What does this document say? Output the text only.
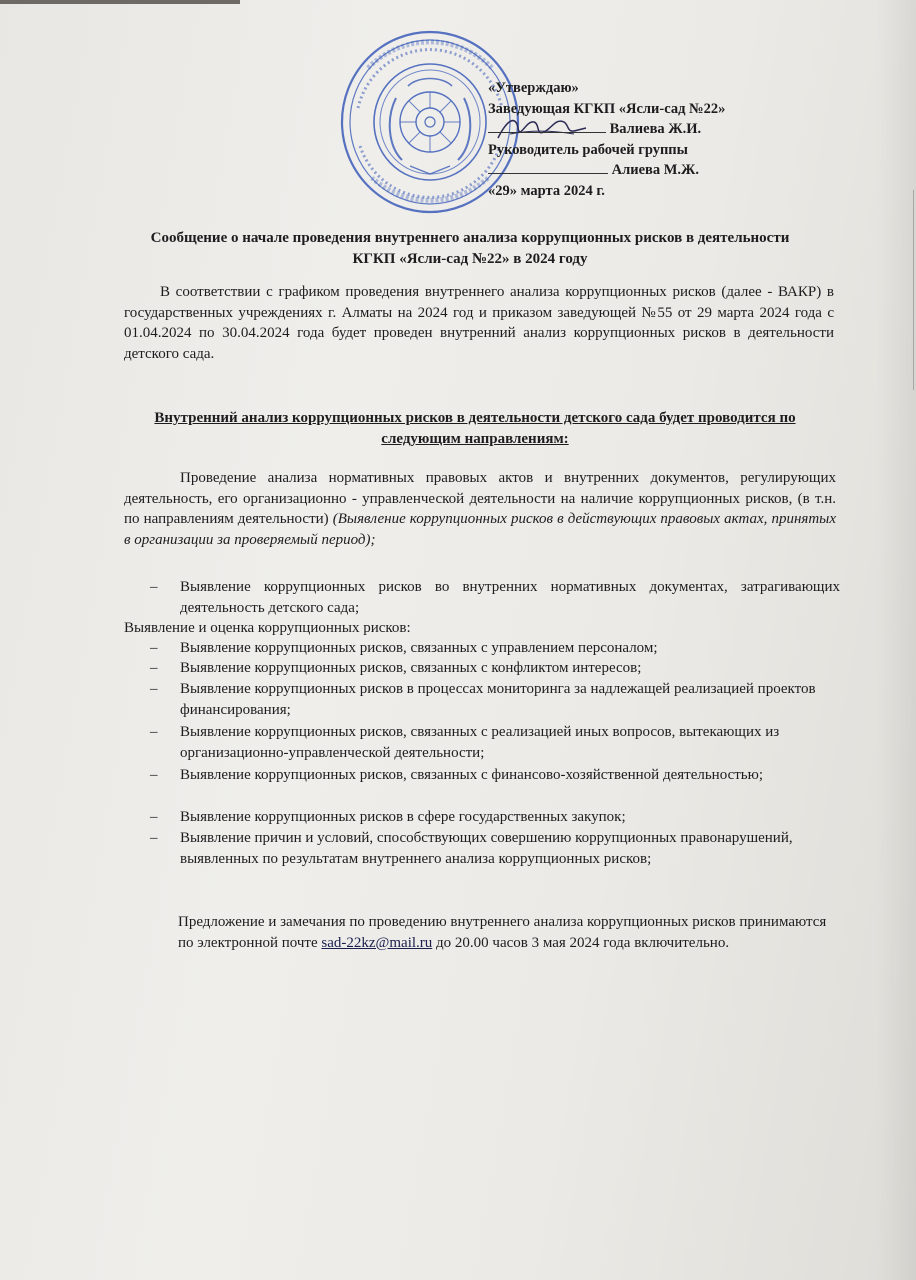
«Утверждаю»
Заведующая КГКП «Ясли-сад №22»
Валиева Ж.И.
Руководитель рабочей группы
Алиева М.Ж.
«29» марта 2024 г.
Сообщение о начале проведения внутреннего анализа коррупционных рисков в деятельности КГКП «Ясли-сад №22» в 2024 году
В соответствии с графиком проведения внутреннего анализа коррупционных рисков (далее - ВАКР) в государственных учреждениях г. Алматы на 2024 год и приказом заведующей №55 от 29 марта 2024 года с 01.04.2024 по 30.04.2024 года будет проведен внутренний анализ коррупционных рисков в деятельности детского сада.
Внутренний анализ коррупционных рисков в деятельности детского сада будет проводится по следующим направлениям:
Проведение анализа нормативных правовых актов и внутренних документов, регулирующих деятельность, его организационно - управленческой деятельности на наличие коррупционных рисков, (в т.н. по направлениям деятельности) (Выявление коррупционных рисков в действующих правовых актах, принятых в организации за проверяемый период);
– Выявление коррупционных рисков во внутренних нормативных документах, затрагивающих деятельность детского сада;
Выявление и оценка коррупционных рисков:
– Выявление коррупционных рисков, связанных с управлением персоналом;
– Выявление коррупционных рисков, связанных с конфликтом интересов;
– Выявление коррупционных рисков в процессах мониторинга за надлежащей реализацией проектов финансирования;
– Выявление коррупционных рисков, связанных с реализацией иных вопросов, вытекающих из организационно-управленческой деятельности;
– Выявление коррупционных рисков, связанных с финансово-хозяйственной деятельностью;
– Выявление коррупционных рисков в сфере государственных закупок;
– Выявление причин и условий, способствующих совершению коррупционных правонарушений, выявленных по результатам внутреннего анализа коррупционных рисков;
Предложение и замечания по проведению внутреннего анализа коррупционных рисков принимаются по электронной почте sad-22kz@mail.ru до 20.00 часов 3 мая 2024 года включительно.
